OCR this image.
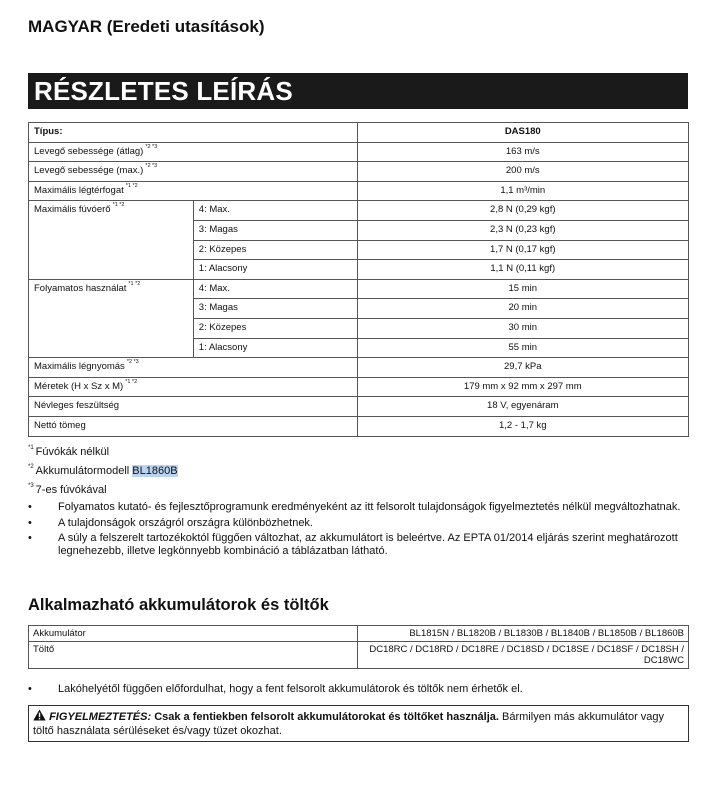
MAGYAR (Eredeti utasítások)
RÉSZLETES LEÍRÁS
Típus:		DAS180
Levegő sebessége (átlag) $^{*2 *3}$		163 m/s
Levegő sebessége (max.) $^{*2 *3}$		200 m/s
Maximális légtérfogat $^{*1 *2}$		1,1 m³/min
Maximális fúvóerő $^{*1 *2}$	4: Max.	2,8 N (0,29 kgf)
	3: Magas	2,3 N (0,23 kgf)
	2: Közepes	1,7 N (0,17 kgf)
	1: Alacsony	1,1 N (0,11 kgf)
Folyamatos használat $^{*1 *2}$	4: Max.	15 min
	3: Magas	20 min
	2: Közepes	30 min
	1: Alacsony	55 min
Maximális légnyomás $^{*2 *3}$		29,7 kPa
Méretek (H x Sz x M) $^{*1 *2}$		179 mm x 92 mm x 297 mm
Névleges feszültség		18 V, egyenáram
Nettó tömeg		1,2 - 1,7 kg
$^{*1}$ Fúvókák nélkül
$^{*2}$ Akkumulátormodell BL1860B
$^{*3}$ 7-es fúvókával
•	Folyamatos kutató- és fejlesztőprogramunk eredményeként az itt felsorolt tulajdonságok figyelmeztetés nélkül megváltozhatnak.
•	A tulajdonságok országról országra különbözhetnek.
•	A súly a felszerelt tartozékoktól függően változhat, az akkumulátort is beleértve. Az EPTA 01/2014 eljárás szerint meghatározott legnehezebb, illetve legkönnyebb kombináció a táblázatban látható.
Alkalmazható akkumulátorok és töltők
Akkumulátor	BL1815N / BL1820B / BL1830B / BL1840B / BL1850B / BL1860B
Töltő	DC18RC / DC18RD / DC18RE / DC18SD / DC18SE / DC18SF / DC18SH / DC18WC
•	Lakóhelyétől függően előfordulhat, hogy a fent felsorolt akkumulátorok és töltők nem érhetők el.
FIGYELMEZTETÉS: Csak a fentiekben felsorolt akkumulátorokat és töltőket használja. Bármilyen más akkumulátor vagy töltő használata sérüléseket és/vagy tüzet okozhat.
